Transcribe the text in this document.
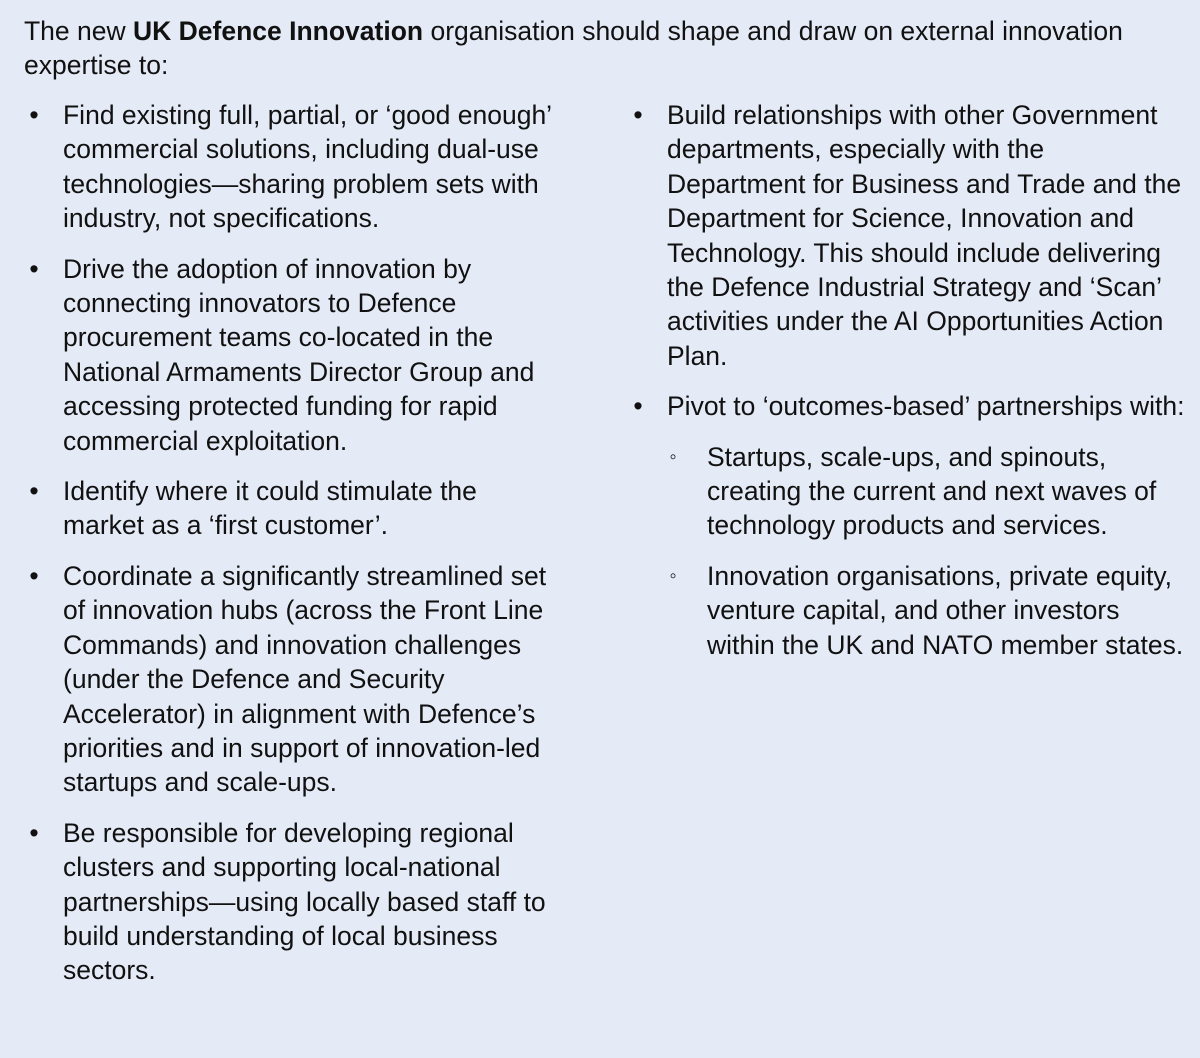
The new UK Defence Innovation organisation should shape and draw on external innovation expertise to:

• Find existing full, partial, or ‘good enough’ commercial solutions, including dual-use technologies—sharing problem sets with industry, not specifications.
• Drive the adoption of innovation by connecting innovators to Defence procurement teams co-located in the National Armaments Director Group and accessing protected funding for rapid commercial exploitation.
• Identify where it could stimulate the market as a ‘first customer’.
• Coordinate a significantly streamlined set of innovation hubs (across the Front Line Commands) and innovation challenges (under the Defence and Security Accelerator) in alignment with Defence’s priorities and in support of innovation-led startups and scale-ups.
• Be responsible for developing regional clusters and supporting local-national partnerships—using locally based staff to build understanding of local business sectors.
• Build relationships with other Government departments, especially with the Department for Business and Trade and the Department for Science, Innovation and Technology. This should include delivering the Defence Industrial Strategy and ‘Scan’ activities under the AI Opportunities Action Plan.
• Pivot to ‘outcomes-based’ partnerships with:
◦ Startups, scale-ups, and spinouts, creating the current and next waves of technology products and services.
◦ Innovation organisations, private equity, venture capital, and other investors within the UK and NATO member states.
